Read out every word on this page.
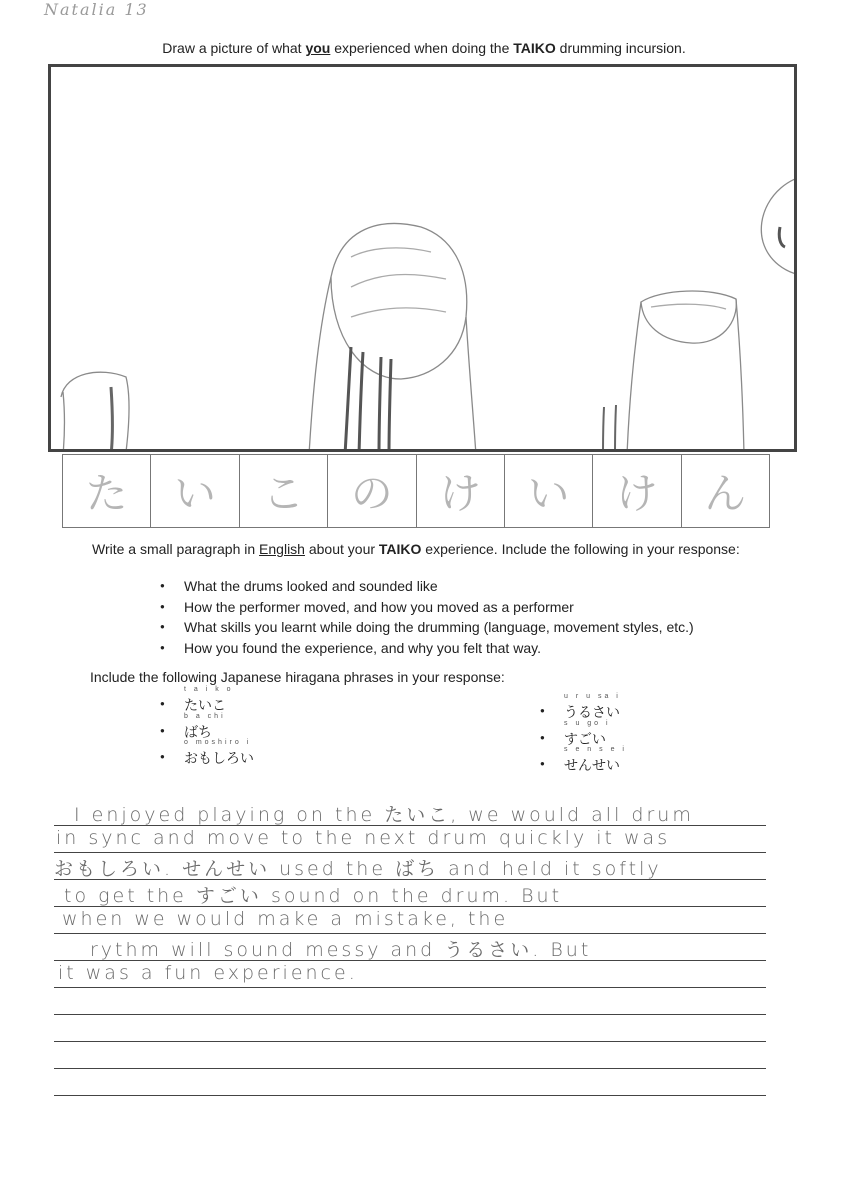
Natalia 13
Draw a picture of what you experienced when doing the TAIKO drumming incursion.
た	い	こ	の	け	い	け	ん
Write a small paragraph in English about your TAIKO experience. Include the following in your response:
● What the drums looked and sounded like
● How the performer moved, and how you moved as a performer
● What skills you learnt while doing the drumming (language, movement styles, etc.)
● How you found the experience, and why you felt that way.
Include the following Japanese hiragana phrases in your response:
● t a i k o
たいこ
● b a chi
ばち
● o moshiro i
おもしろい
● u r u sa i
うるさい
● s u go i
すごい
● s e n s e i
せんせい
I enjoyed playing on the たいこ, we would all drum
in sync and move to the next drum quickly it was
おもしろい. せんせい used the ばち and held it softly
to get the すごい sound on the drum. But
when we would make a mistake, the
rythm will sound messy and うるさい. But
it was a fun experience.
